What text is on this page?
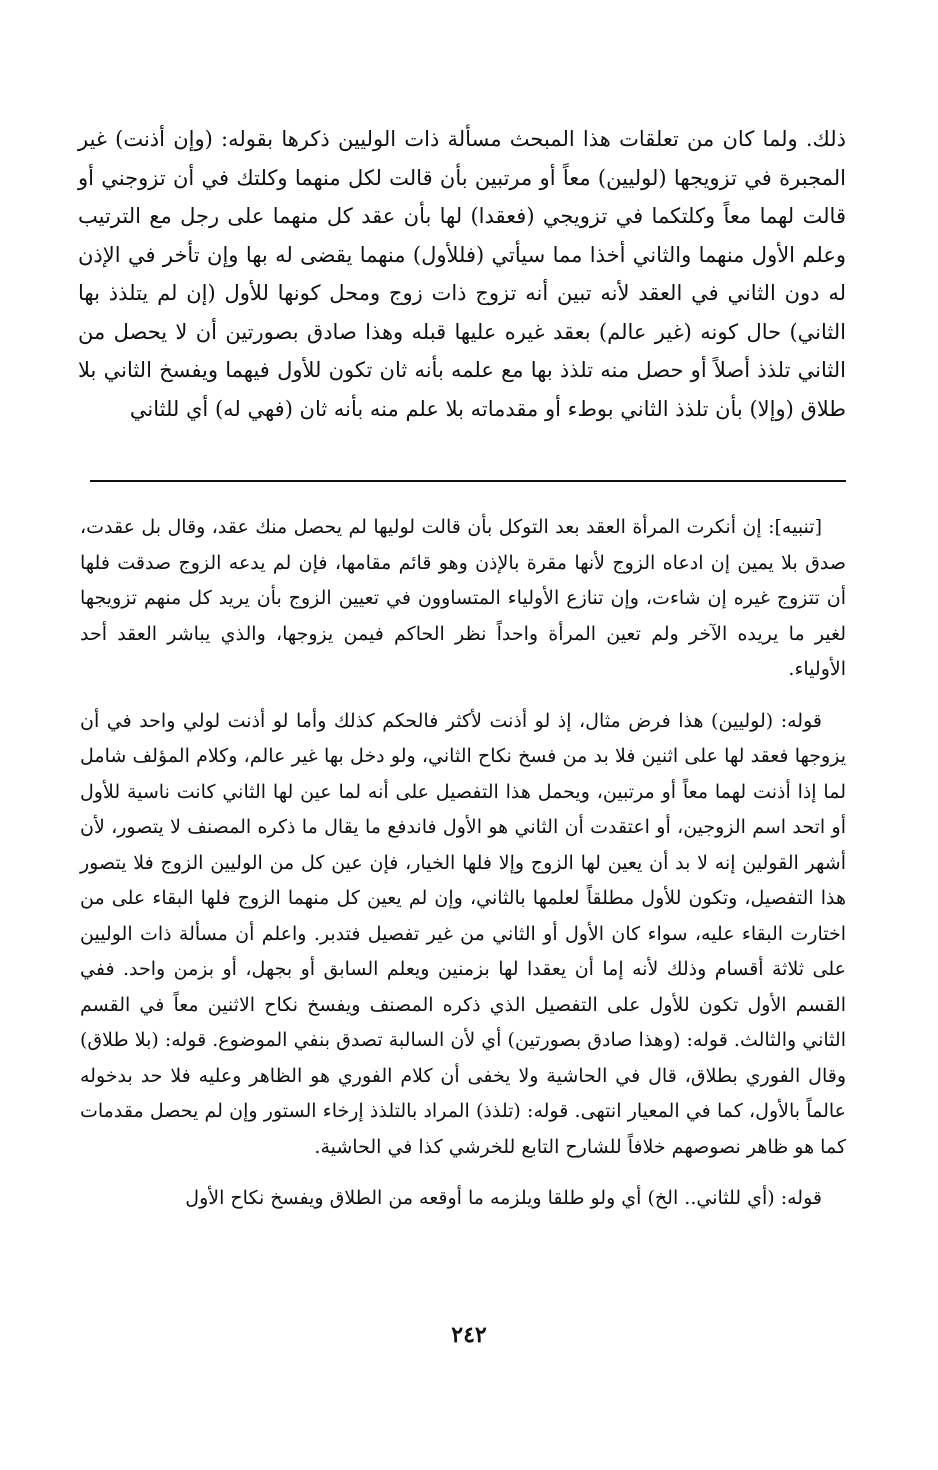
ذلك. ولما كان من تعلقات هذا المبحث مسألة ذات الوليين ذكرها بقوله: (وإن أذنت) غير المجبرة في تزويجها (لوليين) معاً أو مرتبين بأن قالت لكل منهما وكلتك في أن تزوجني أو قالت لهما معاً وكلتكما في تزويجي (فعقدا) لها بأن عقد كل منهما على رجل مع الترتيب وعلم الأول منهما والثاني أخذا مما سيأتي (فللأول) منهما يقضى له بها وإن تأخر في الإذن له دون الثاني في العقد لأنه تبين أنه تزوج ذات زوج ومحل كونها للأول (إن لم يتلذذ بها الثاني) حال كونه (غير عالم) بعقد غيره عليها قبله وهذا صادق بصورتين أن لا يحصل من الثاني تلذذ أصلاً أو حصل منه تلذذ بها مع علمه بأنه ثان تكون للأول فيهما ويفسخ الثاني بلا طلاق (وإلا) بأن تلذذ الثاني بوطء أو مقدماته بلا علم منه بأنه ثان (فهي له) أي للثاني

[تنبيه]: إن أنكرت المرأة العقد بعد التوكل بأن قالت لوليها لم يحصل منك عقد، وقال بل عقدت، صدق بلا يمين إن ادعاه الزوج لأنها مقرة بالإذن وهو قائم مقامها، فإن لم يدعه الزوج صدقت فلها أن تتزوج غيره إن شاءت، وإن تنازع الأولياء المتساوون في تعيين الزوج بأن يريد كل منهم تزويجها لغير ما يريده الآخر ولم تعين المرأة واحداً نظر الحاكم فيمن يزوجها، والذي يباشر العقد أحد الأولياء.

قوله: (لوليين) هذا فرض مثال، إذ لو أذنت لأكثر فالحكم كذلك وأما لو أذنت لولي واحد في أن يزوجها فعقد لها على اثنين فلا بد من فسخ نكاح الثاني، ولو دخل بها غير عالم، وكلام المؤلف شامل لما إذا أذنت لهما معاً أو مرتبين، ويحمل هذا التفصيل على أنه لما عين لها الثاني كانت ناسية للأول أو اتحد اسم الزوجين، أو اعتقدت أن الثاني هو الأول فاندفع ما يقال ما ذكره المصنف لا يتصور، لأن أشهر القولين إنه لا بد أن يعين لها الزوج وإلا فلها الخيار، فإن عين كل من الوليين الزوج فلا يتصور هذا التفصيل، وتكون للأول مطلقاً لعلمها بالثاني، وإن لم يعين كل منهما الزوج فلها البقاء على من اختارت البقاء عليه، سواء كان الأول أو الثاني من غير تفصيل فتدبر. واعلم أن مسألة ذات الوليين على ثلاثة أقسام وذلك لأنه إما أن يعقدا لها بزمنين ويعلم السابق أو بجهل، أو بزمن واحد. ففي القسم الأول تكون للأول على التفصيل الذي ذكره المصنف ويفسخ نكاح الاثنين معاً في القسم الثاني والثالث. قوله: (وهذا صادق بصورتين) أي لأن السالبة تصدق بنفي الموضوع. قوله: (بلا طلاق) وقال الفوري بطلاق، قال في الحاشية ولا يخفى أن كلام الفوري هو الظاهر وعليه فلا حد بدخوله عالماً بالأول، كما في المعيار انتهى. قوله: (تلذذ) المراد بالتلذذ إرخاء الستور وإن لم يحصل مقدمات كما هو ظاهر نصوصهم خلافاً للشارح التابع للخرشي كذا في الحاشية.

قوله: (أي للثاني.. الخ) أي ولو طلقا ويلزمه ما أوقعه من الطلاق ويفسخ نكاح الأول

٢٤٢
